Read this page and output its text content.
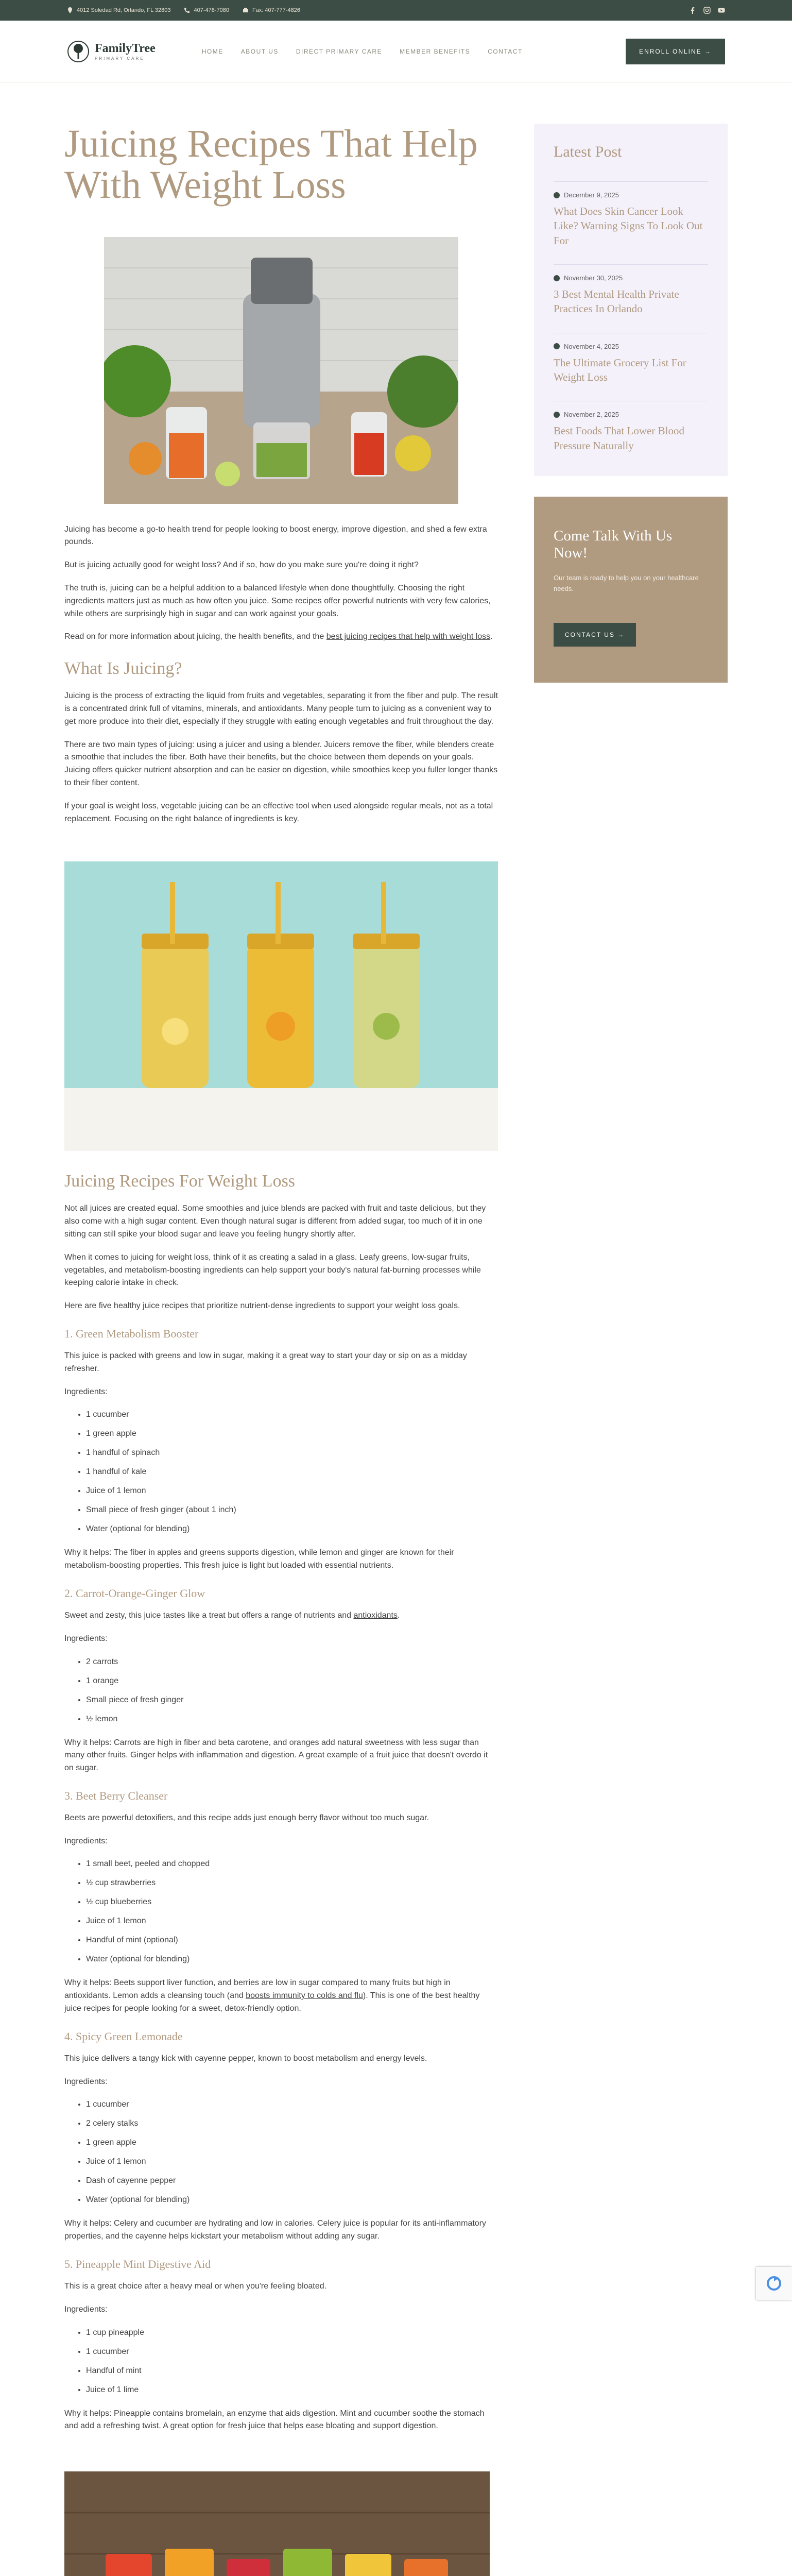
4012 Soledad Rd, Orlando, FL 32803	407-478-7080	Fax: 407-777-4826
FamilyTree
PRIMARY CARE
HOME	ABOUT US	DIRECT PRIMARY CARE	MEMBER BENEFITS	CONTACT	ENROLL ONLINE →
Juicing Recipes That Help With Weight Loss

Juicing has become a go-to health trend for people looking to boost energy, improve digestion, and shed a few extra pounds.

But is juicing actually good for weight loss? And if so, how do you make sure you're doing it right?

The truth is, juicing can be a helpful addition to a balanced lifestyle when done thoughtfully. Choosing the right ingredients matters just as much as how often you juice. Some recipes offer powerful nutrients with very few calories, while others are surprisingly high in sugar and can work against your goals.

Read on for more information about juicing, the health benefits, and the best juicing recipes that help with weight loss.

What Is Juicing?

Juicing is the process of extracting the liquid from fruits and vegetables, separating it from the fiber and pulp. The result is a concentrated drink full of vitamins, minerals, and antioxidants. Many people turn to juicing as a convenient way to get more produce into their diet, especially if they struggle with eating enough vegetables and fruit throughout the day.

There are two main types of juicing: using a juicer and using a blender. Juicers remove the fiber, while blenders create a smoothie that includes the fiber. Both have their benefits, but the choice between them depends on your goals. Juicing offers quicker nutrient absorption and can be easier on digestion, while smoothies keep you fuller longer thanks to their fiber content.

If your goal is weight loss, vegetable juicing can be an effective tool when used alongside regular meals, not as a total replacement. Focusing on the right balance of ingredients is key.

Juicing Recipes For Weight Loss

Not all juices are created equal. Some smoothies and juice blends are packed with fruit and taste delicious, but they also come with a high sugar content. Even though natural sugar is different from added sugar, too much of it in one sitting can still spike your blood sugar and leave you feeling hungry shortly after.

When it comes to juicing for weight loss, think of it as creating a salad in a glass. Leafy greens, low-sugar fruits, vegetables, and metabolism-boosting ingredients can help support your body's natural fat-burning processes while keeping calorie intake in check.

Here are five healthy juice recipes that prioritize nutrient-dense ingredients to support your weight loss goals.

1. Green Metabolism Booster

This juice is packed with greens and low in sugar, making it a great way to start your day or sip on as a midday refresher.

Ingredients:

• 1 cucumber
• 1 green apple
• 1 handful of spinach
• 1 handful of kale
• Juice of 1 lemon
• Small piece of fresh ginger (about 1 inch)
• Water (optional for blending)

Why it helps: The fiber in apples and greens supports digestion, while lemon and ginger are known for their metabolism-boosting properties. This fresh juice is light but loaded with essential nutrients.

2. Carrot-Orange-Ginger Glow

Sweet and zesty, this juice tastes like a treat but offers a range of nutrients and antioxidants.

Ingredients:

• 2 carrots
• 1 orange
• Small piece of fresh ginger
• ½ lemon

Why it helps: Carrots are high in fiber and beta carotene, and oranges add natural sweetness with less sugar than many other fruits. Ginger helps with inflammation and digestion. A great example of a fruit juice that doesn't overdo it on sugar.

3. Beet Berry Cleanser

Beets are powerful detoxifiers, and this recipe adds just enough berry flavor without too much sugar.

Ingredients:

• 1 small beet, peeled and chopped
• ½ cup strawberries
• ½ cup blueberries
• Juice of 1 lemon
• Handful of mint (optional)
• Water (optional for blending)

Why it helps: Beets support liver function, and berries are low in sugar compared to many fruits but high in antioxidants. Lemon adds a cleansing touch (and boosts immunity to colds and flu). This is one of the best healthy juice recipes for people looking for a sweet, detox-friendly option.

4. Spicy Green Lemonade

This juice delivers a tangy kick with cayenne pepper, known to boost metabolism and energy levels.

Ingredients:

• 1 cucumber
• 2 celery stalks
• 1 green apple
• Juice of 1 lemon
• Dash of cayenne pepper
• Water (optional for blending)

Why it helps: Celery and cucumber are hydrating and low in calories. Celery juice is popular for its anti-inflammatory properties, and the cayenne helps kickstart your metabolism without adding any sugar.

5. Pineapple Mint Digestive Aid

This is a great choice after a heavy meal or when you're feeling bloated.

Ingredients:

• 1 cup pineapple
• 1 cucumber
• Handful of mint
• Juice of 1 lime

Why it helps: Pineapple contains bromelain, an enzyme that aids digestion. Mint and cucumber soothe the stomach and add a refreshing twist. A great option for fresh juice that helps ease bloating and support digestion.

Latest Post
December 9, 2025
What Does Skin Cancer Look Like? Warning Signs To Look Out For
November 30, 2025
3 Best Mental Health Private Practices In Orlando
November 4, 2025
The Ultimate Grocery List For Weight Loss
November 2, 2025
Best Foods That Lower Blood Pressure Naturally
Come Talk With Us Now!
Our team is ready to help you on your healthcare needs.
CONTACT US →
